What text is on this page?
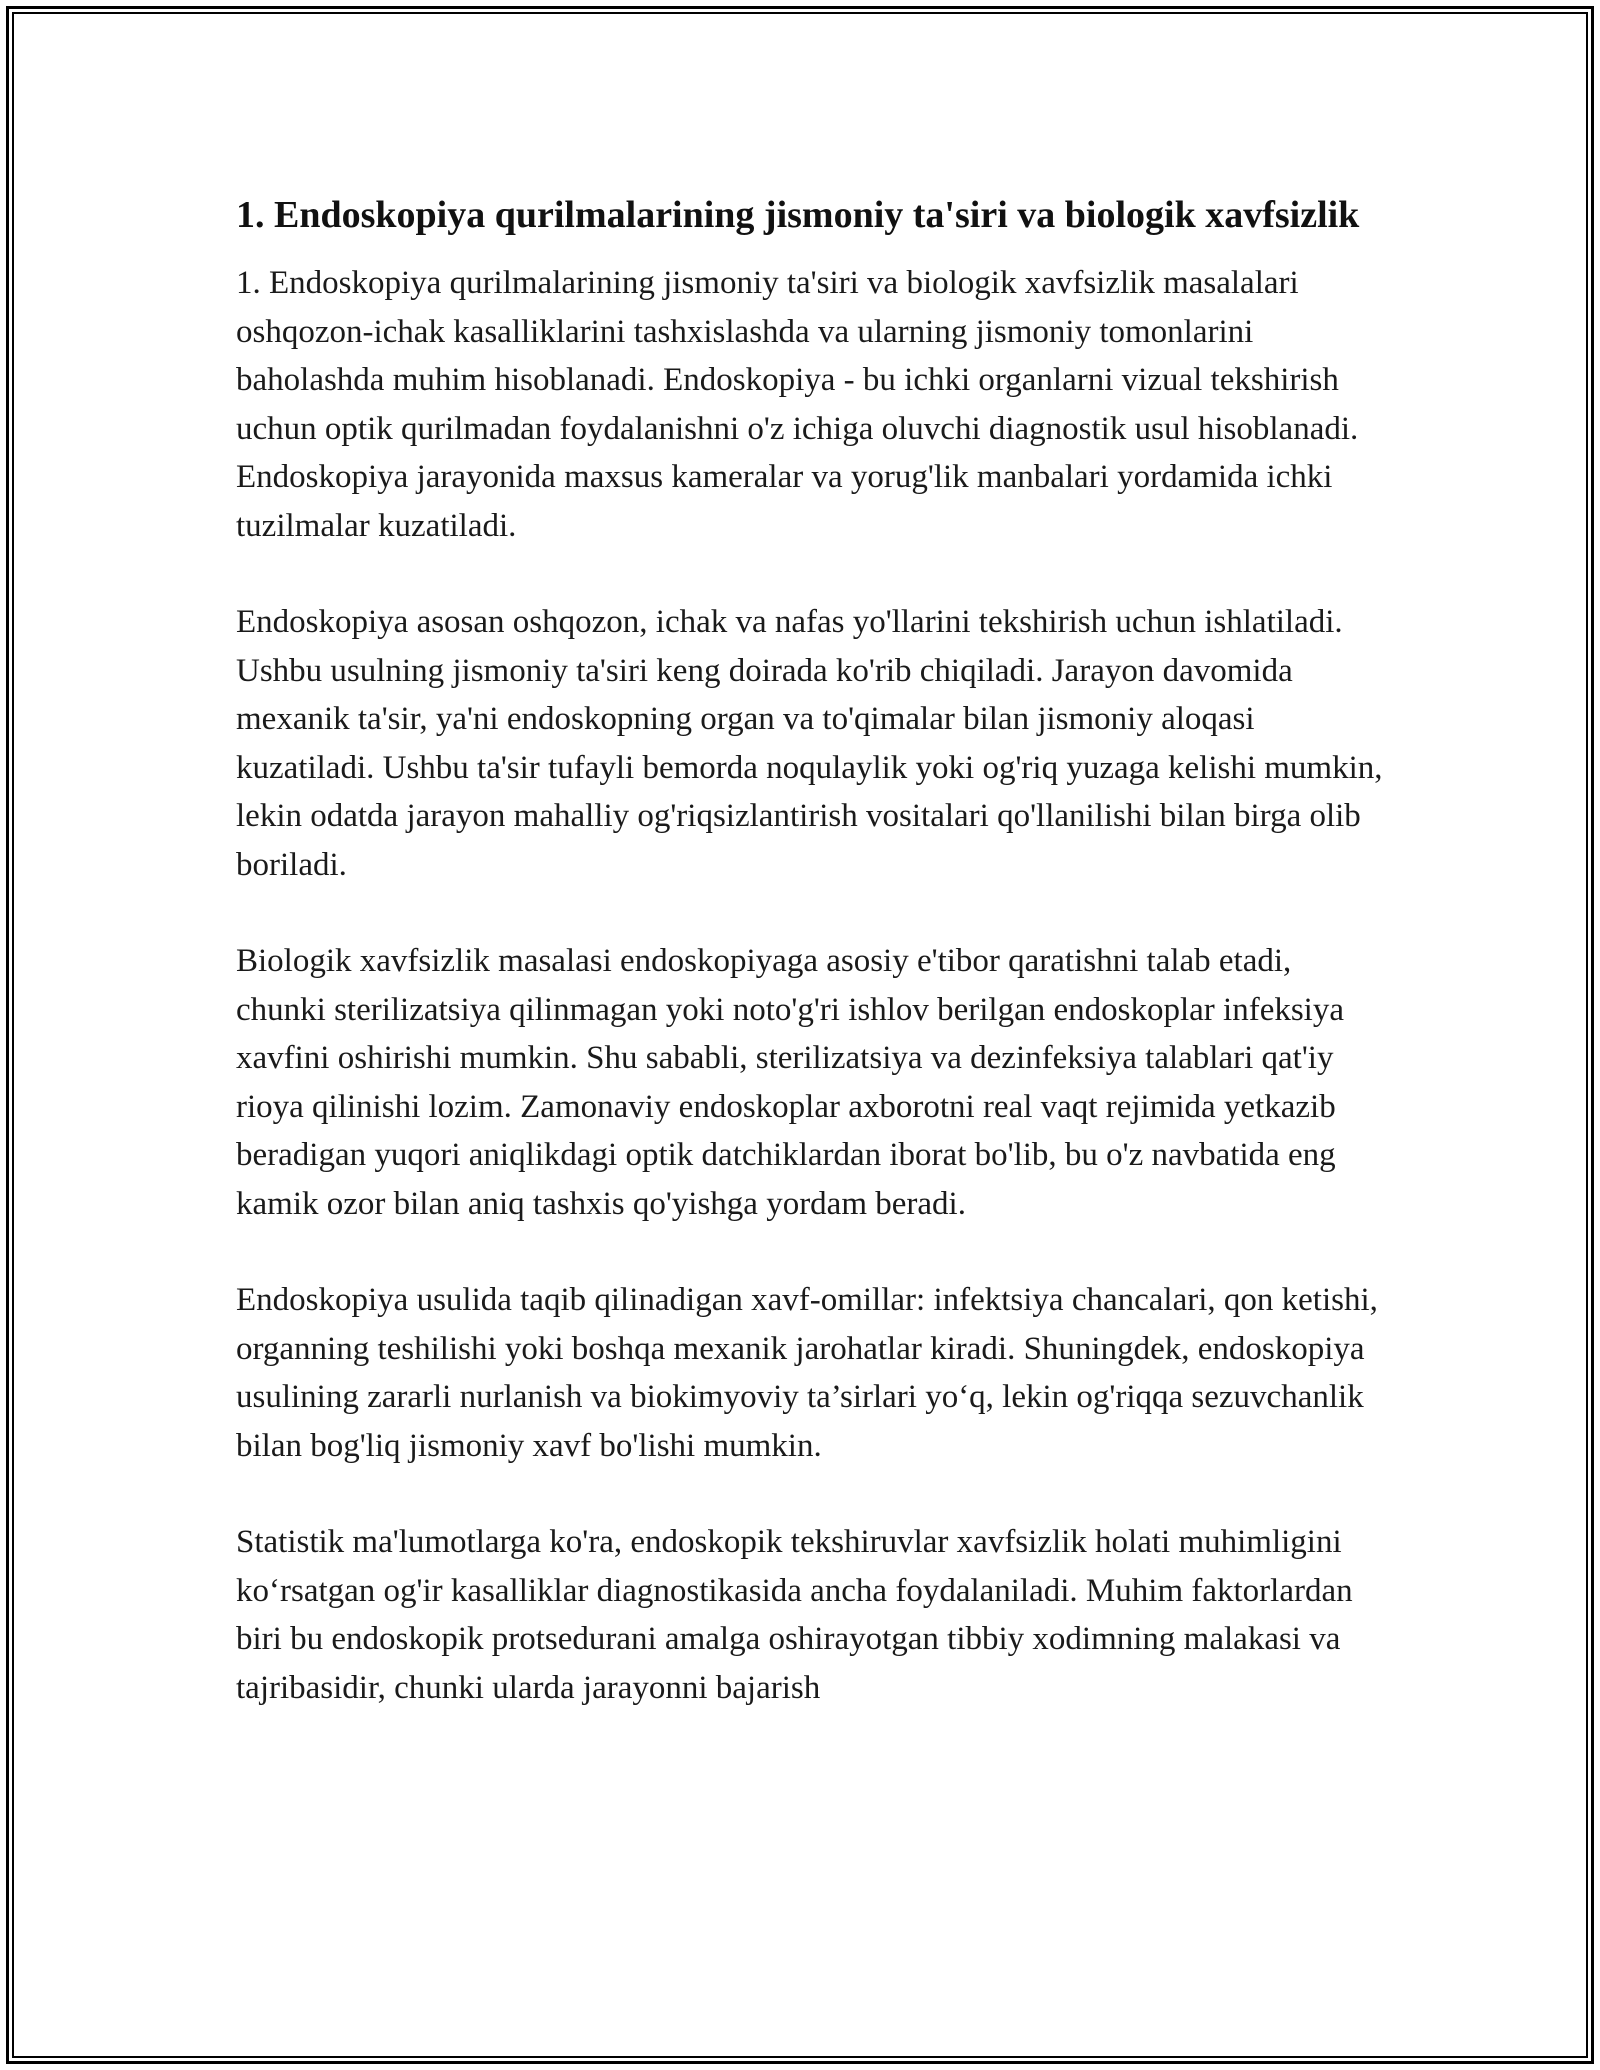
1. Endoskopiya qurilmalarining jismoniy ta'siri va biologik xavfsizlik

1. Endoskopiya qurilmalarining jismoniy ta'siri va biologik xavfsizlik masalalari oshqozon-ichak kasalliklarini tashxislashda va ularning jismoniy tomonlarini baholashda muhim hisoblanadi. Endoskopiya - bu ichki organlarni vizual tekshirish uchun optik qurilmadan foydalanishni o'z ichiga oluvchi diagnostik usul hisoblanadi. Endoskopiya jarayonida maxsus kameralar va yorug'lik manbalari yordamida ichki tuzilmalar kuzatiladi.

Endoskopiya asosan oshqozon, ichak va nafas yo'llarini tekshirish uchun ishlatiladi. Ushbu usulning jismoniy ta'siri keng doirada ko'rib chiqiladi. Jarayon davomida mexanik ta'sir, ya'ni endoskopning organ va to'qimalar bilan jismoniy aloqasi kuzatiladi. Ushbu ta'sir tufayli bemorda noqulaylik yoki og'riq yuzaga kelishi mumkin, lekin odatda jarayon mahalliy og'riqsizlantirish vositalari qo'llanilishi bilan birga olib boriladi.

Biologik xavfsizlik masalasi endoskopiyaga asosiy e'tibor qaratishni talab etadi, chunki sterilizatsiya qilinmagan yoki noto'g'ri ishlov berilgan endoskoplar infeksiya xavfini oshirishi mumkin. Shu sababli, sterilizatsiya va dezinfeksiya talablari qat'iy rioya qilinishi lozim. Zamonaviy endoskoplar axborotni real vaqt rejimida yetkazib beradigan yuqori aniqlikdagi optik datchiklardan iborat bo'lib, bu o'z navbatida eng kamik ozor bilan aniq tashxis qo'yishga yordam beradi.

Endoskopiya usulida taqib qilinadigan xavf-omillar: infektsiya chancalari, qon ketishi, organning teshilishi yoki boshqa mexanik jarohatlar kiradi. Shuningdek, endoskopiya usulining zararli nurlanish va biokimyoviy ta’sirlari yo‘q, lekin og'riqqa sezuvchanlik bilan bog'liq jismoniy xavf bo'lishi mumkin.

Statistik ma'lumotlarga ko'ra, endoskopik tekshiruvlar xavfsizlik holati muhimligini ko‘rsatgan og'ir kasalliklar diagnostikasida ancha foydalaniladi. Muhim faktorlardan biri bu endoskopik protsedurani amalga oshirayotgan tibbiy xodimning malakasi va tajribasidir, chunki ularda jarayonni bajarish
